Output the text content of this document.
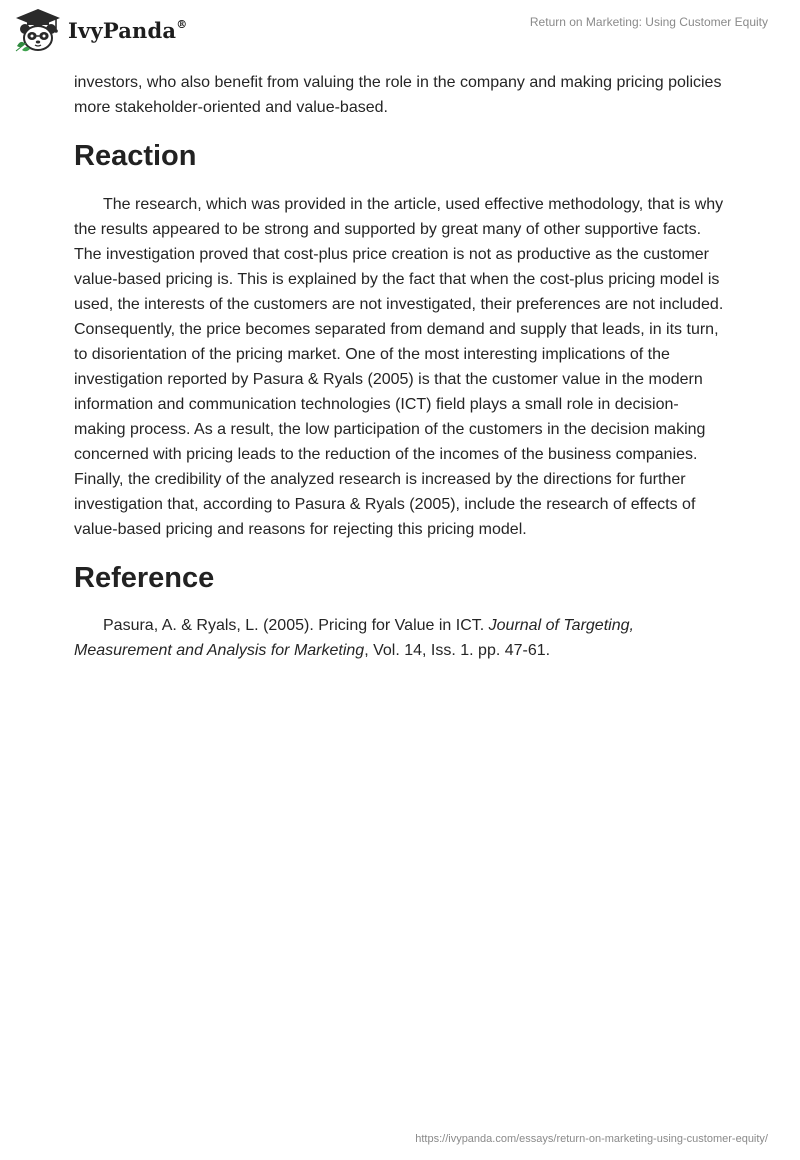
IvyPanda®	Return on Marketing: Using Customer Equity

investors, who also benefit from valuing the role in the company and making pricing policies more stakeholder-oriented and value-based.

Reaction

The research, which was provided in the article, used effective methodology, that is why the results appeared to be strong and supported by great many of other supportive facts. The investigation proved that cost-plus price creation is not as productive as the customer value-based pricing is. This is explained by the fact that when the cost-plus pricing model is used, the interests of the customers are not investigated, their preferences are not included. Consequently, the price becomes separated from demand and supply that leads, in its turn, to disorientation of the pricing market. One of the most interesting implications of the investigation reported by Pasura & Ryals (2005) is that the customer value in the modern information and communication technologies (ICT) field plays a small role in decision-making process. As a result, the low participation of the customers in the decision making concerned with pricing leads to the reduction of the incomes of the business companies. Finally, the credibility of the analyzed research is increased by the directions for further investigation that, according to Pasura & Ryals (2005), include the research of effects of value-based pricing and reasons for rejecting this pricing model.

Reference

Pasura, A. & Ryals, L. (2005). Pricing for Value in ICT. Journal of Targeting, Measurement and Analysis for Marketing, Vol. 14, Iss. 1. pp. 47-61.

https://ivypanda.com/essays/return-on-marketing-using-customer-equity/
